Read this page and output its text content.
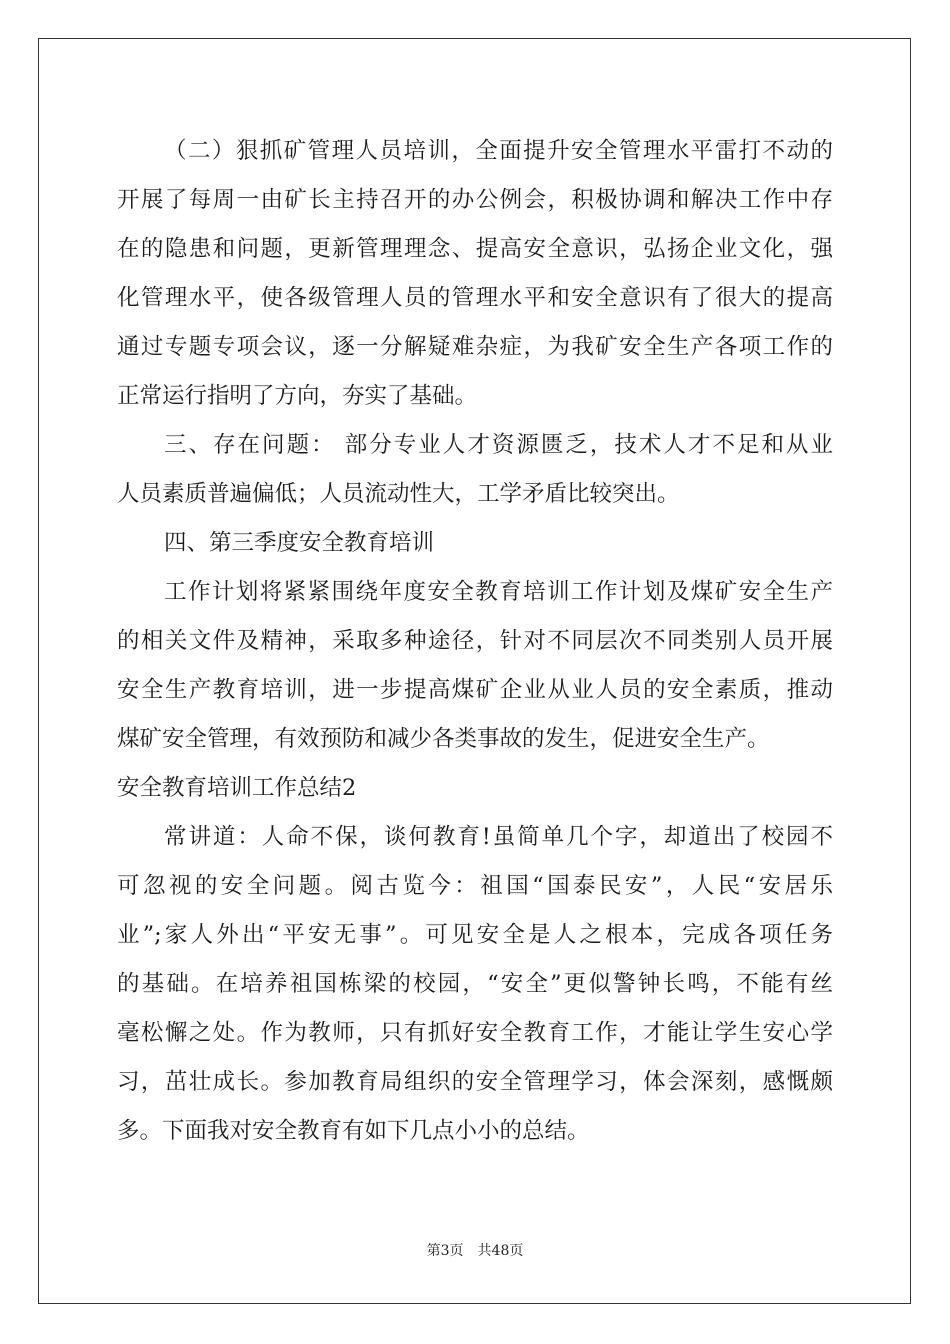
（二）狠抓矿管理人员培训，全面提升安全管理水平雷打不动的
开展了每周一由矿长主持召开的办公例会，积极协调和解决工作中存
在的隐患和问题，更新管理理念、提高安全意识，弘扬企业文化，强
化管理水平，使各级管理人员的管理水平和安全意识有了很大的提高
通过专题专项会议，逐一分解疑难杂症，为我矿安全生产各项工作的
正常运行指明了方向，夯实了基础。
三、存在问题： 部分专业人才资源匮乏，技术人才不足和从业
人员素质普遍偏低；人员流动性大，工学矛盾比较突出。
四、第三季度安全教育培训
工作计划将紧紧围绕年度安全教育培训工作计划及煤矿安全生产
的相关文件及精神，采取多种途径，针对不同层次不同类别人员开展
安全生产教育培训，进一步提高煤矿企业从业人员的安全素质，推动
煤矿安全管理，有效预防和减少各类事故的发生，促进安全生产。
安全教育培训工作总结2
常讲道：人命不保，谈何教育!虽简单几个字，却道出了校园不
可忽视的安全问题。阅古览今：祖国“国泰民安”，人民“安居乐
业”;家人外出“平安无事”。可见安全是人之根本，完成各项任务
的基础。在培养祖国栋梁的校园，“安全”更似警钟长鸣，不能有丝
毫松懈之处。作为教师，只有抓好安全教育工作，才能让学生安心学
习，茁壮成长。参加教育局组织的安全管理学习，体会深刻，感慨颇
多。下面我对安全教育有如下几点小小的总结。
第3页 共48页
